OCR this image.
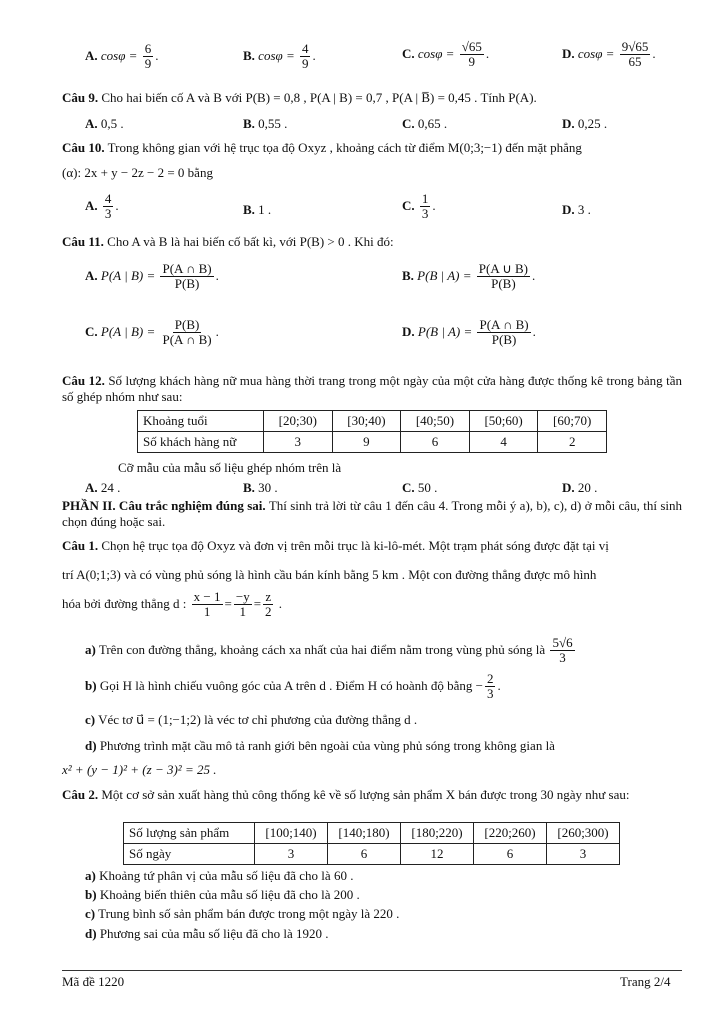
A. $\cos\varphi = \frac{6}{9}$ .	B. $\cos\varphi = \frac{4}{9}$ .	C. $\cos\varphi = \frac{√65}{9}$ .	D. $\cos\varphi = \frac{9√65}{65}$ .
Câu 9. Cho hai biến cố A và B với P(B) = 0,8 , P(A | B) = 0,7 , P(A | B̅) = 0,45 . Tính P(A).
A. 0,5 .	B. 0,55 .	C. 0,65 .	D. 0,25 .
Câu 10. Trong không gian với hệ trục tọa độ Oxyz , khoảng cách từ điểm M(0;3;−1) đến mặt phẳng
(α): 2x + y − 2z − 2 = 0 bằng
A. $\frac{4}{3}$ .	B. 1 .	C. $\frac{1}{3}$ .	D. 3 .
Câu 11. Cho A và B là hai biến cố bất kì, với P(B) > 0 . Khi đó:
A. P(A | $B) = \frac{P(A \cap B)}{P(B)}$ .	B. P(B | $A) = \frac{P(A \cup B)}{P(B)}$ .
C. P(A | $B) = \frac{P(B)}{P(A \cap B)}$ .	D. P(B | $A) = \frac{P(A \cap B)}{P(B)}$ .
Câu 12. Số lượng khách hàng nữ mua hàng thời trang trong một ngày của một cửa hàng được thống kê trong bảng tần số ghép nhóm như sau:
Khoảng tuổi	[20;30)	[30;40)	[40;50)	[50;60)	[60;70)
Số khách hàng nữ	3	9	6	4	2
Cỡ mẫu của mẫu số liệu ghép nhóm trên là
A. 24 .	B. 30 .	C. 50 .	D. 20 .
PHẦN II. Câu trắc nghiệm đúng sai. Thí sinh trả lời từ câu 1 đến câu 4. Trong mỗi ý a), b), c), d) ở mỗi câu, thí sinh chọn đúng hoặc sai.
Câu 1. Chọn hệ trục tọa độ Oxyz và đơn vị trên mỗi trục là ki-lô-mét. Một trạm phát sóng được đặt tại vị
trí A(0;1;3) và có vùng phủ sóng là hình cầu bán kính bằng 5 km . Một con đường thẳng được mô hình
hóa bởi đường thẳng d : $\frac{x - 1}{1} = \frac{-y}{1} = \frac{z}{2}$ .
a) Trên con đường thẳng, khoảng cách xa nhất của hai điểm nằm trong vùng phủ sóng là $\frac{5√6}{3}$
b) Gọi H là hình chiếu vuông góc của A trên d . Điểm H có hoành độ bằng − $\frac{2}{3}$ .
c) Véc tơ u⃗ = (1;−1;2) là véc tơ chỉ phương của đường thẳng d .
d) Phương trình mặt cầu mô tả ranh giới bên ngoài của vùng phủ sóng trong không gian là
x² + (y − 1)² + (z − 3)² = 25 .
Câu 2. Một cơ sở sản xuất hàng thủ công thống kê về số lượng sản phẩm X bán được trong 30 ngày như sau:
Số lượng sản phẩm	[100;140)	[140;180)	[180;220)	[220;260)	[260;300)
Số ngày	3	6	12	6	3
a) Khoảng tứ phân vị của mẫu số liệu đã cho là 60 .
b) Khoảng biến thiên của mẫu số liệu đã cho là 200 .
c) Trung bình số sản phẩm bán được trong một ngày là 220 .
d) Phương sai của mẫu số liệu đã cho là 1920 .
Mã đề 1220	Trang 2/4
